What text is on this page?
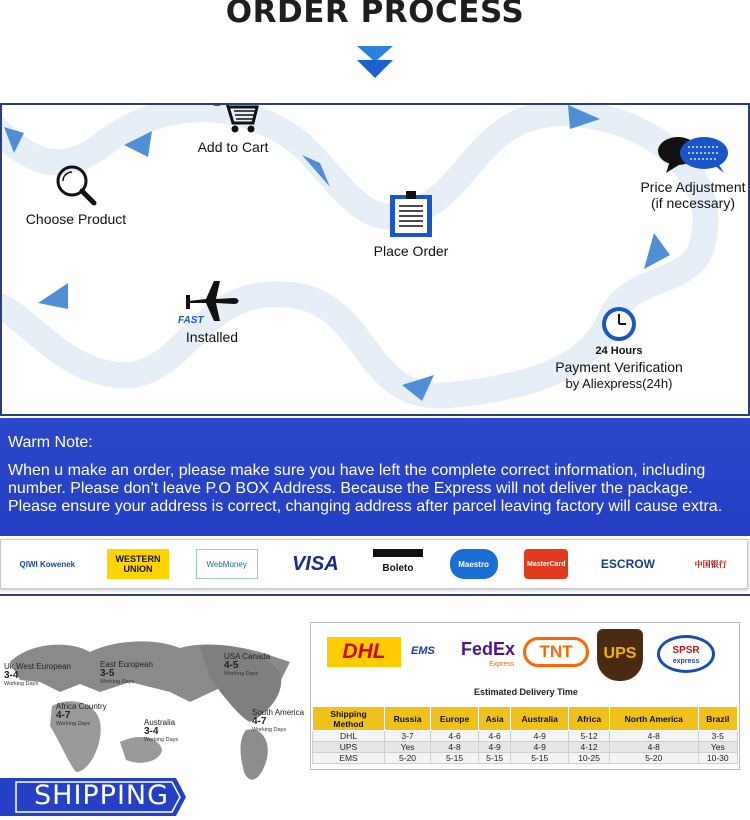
ORDER PROCESS
Add to Cart
Choose Product
Place Order
Price Adjustment
(if necessary)
FAST
Installed
24 Hours
Payment Verification
by Aliexpress(24h)
Warm Note:

When u make an order, please make sure you have left the complete correct information, including number. Please don’t leave P.O BOX Address. Because the Express will not deliver the package. Please ensure your address is correct, changing address after parcel leaving factory will cause extra.

QIWI Kowenek	WESTERN UNION	WebMoney	VISA	Boleto	Maestro	MasterCard	ESCROW	中国银行
Uk,West European
3-4
Working Days
East European
3-5
Working Days
USA Canada
4-5
Working Days
Africa Country
4-7
Working Days	Australia
3-4
Working Days
South America
4-7
Working Days
DHL	EMS FedEx
Express
TNT	UPS	SPSR
express
Estimated Delivery Time
Shipping Method	Russia	Europe	Asia	Australia	Africa	North America	Brazil
DHL	3-7	4-6	4-6	4-9	5-12	4-8	3-5
UPS	Yes	4-8	4-9	4-9	4-12	4-8	Yes
EMS	5-20	5-15	5-15	5-15	10-25	5-20	10-30
SHIPPING
